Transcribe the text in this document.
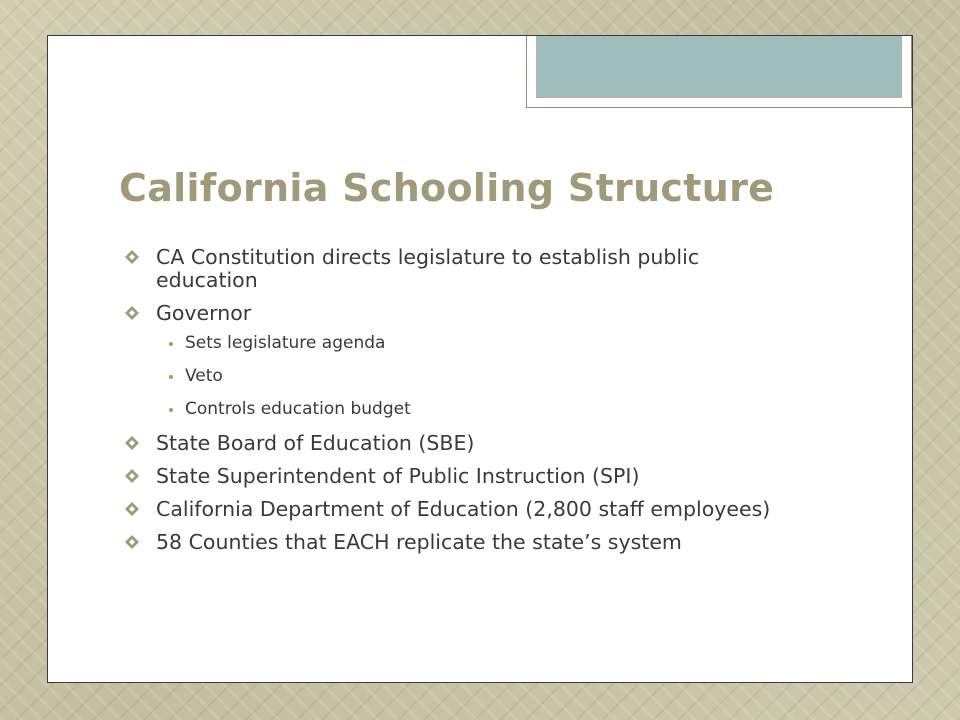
California Schooling Structure
CA Constitution directs legislature to establish public education
Governor
Sets legislature agenda
Veto
Controls education budget
State Board of Education (SBE)
State Superintendent of Public Instruction (SPI)
California Department of Education (2,800 staff employees)
58 Counties that EACH replicate the state’s system
